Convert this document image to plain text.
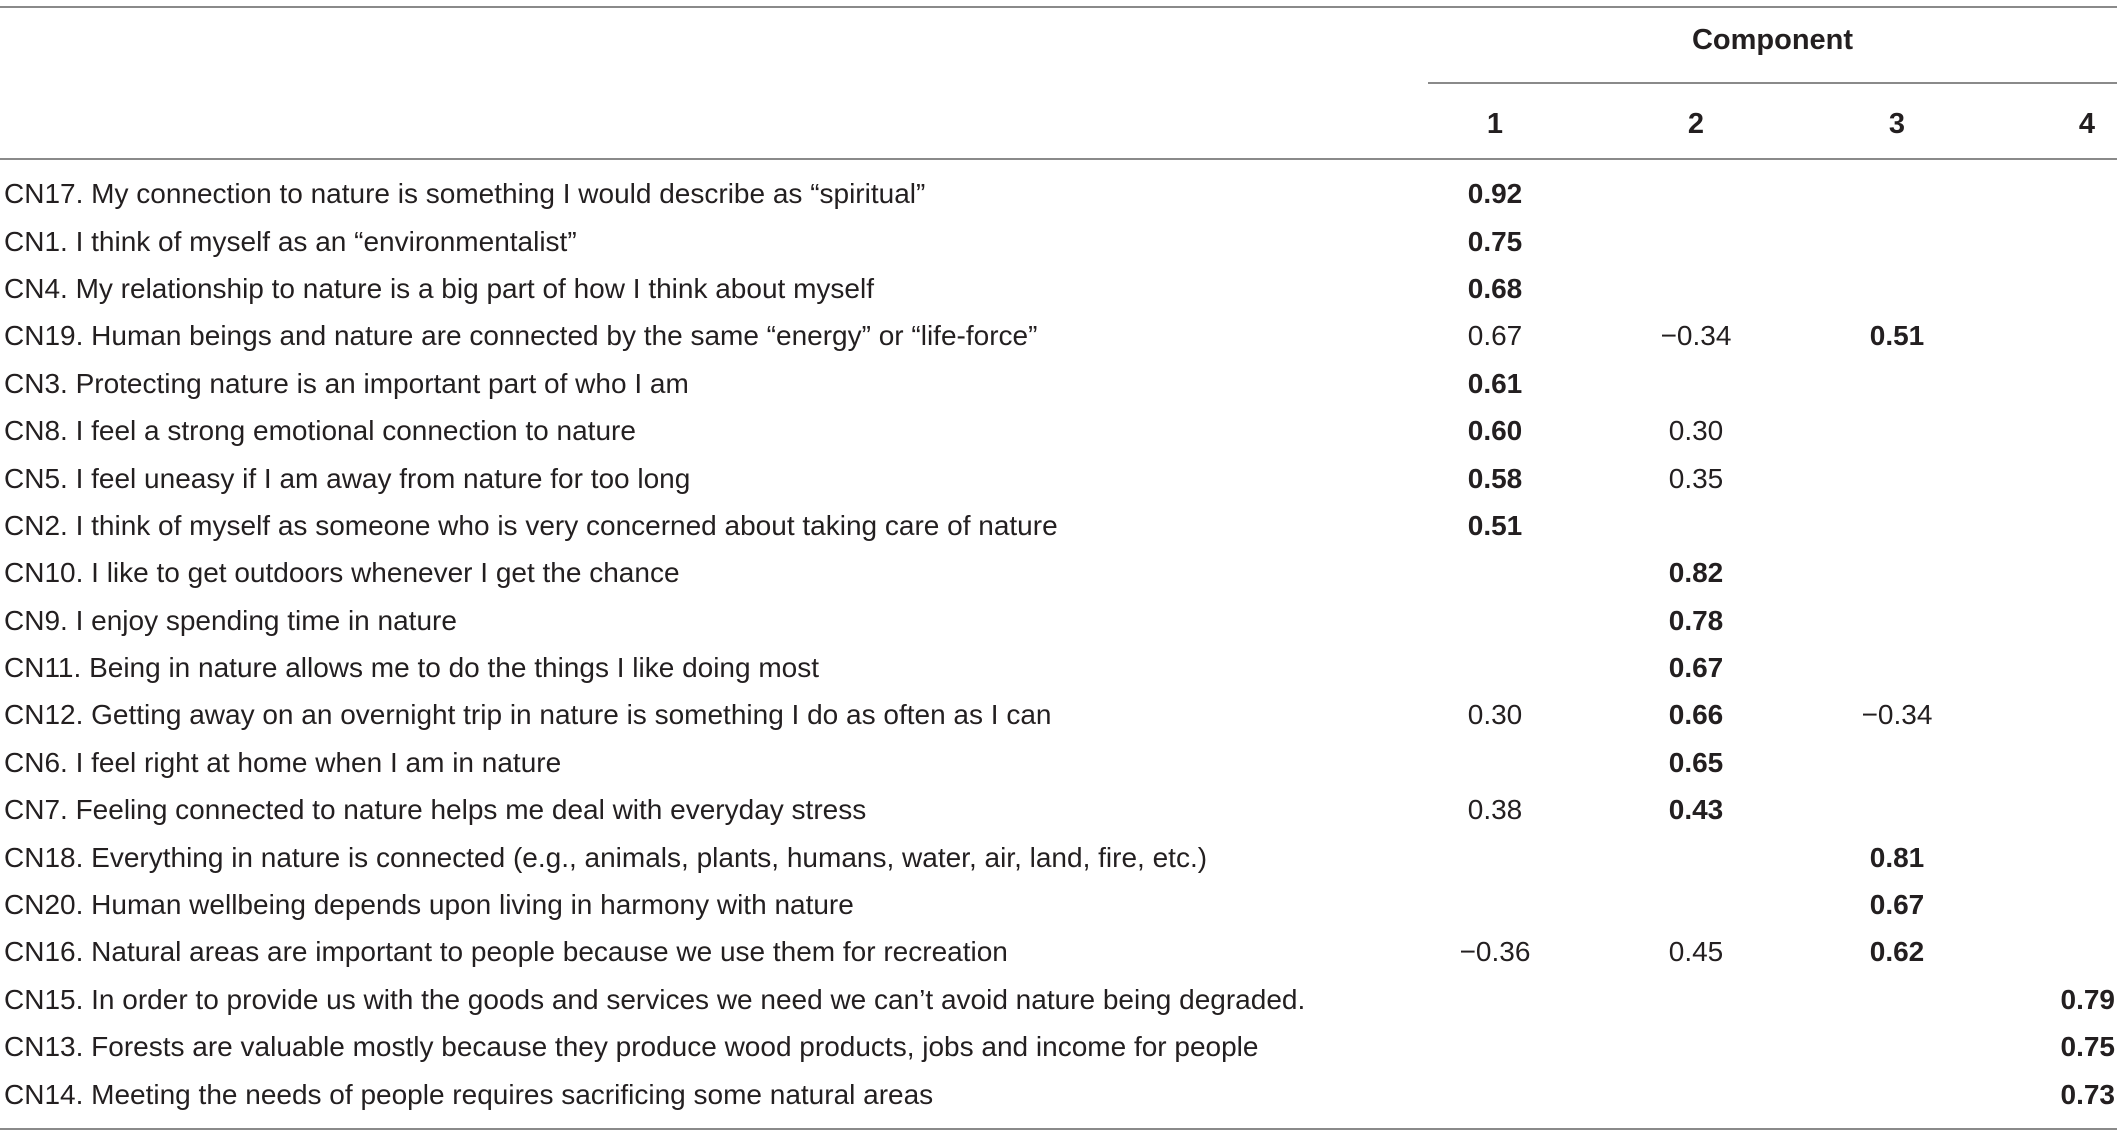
Component
1	2	3	4
CN17. My connection to nature is something I would describe as “spiritual”	0.92						
CN1. I think of myself as an “environmentalist”	0.75						
CN4. My relationship to nature is a big part of how I think about myself	0.68						
CN19. Human beings and nature are connected by the same “energy” or “life-force”	0.67		−0.34		0.51		
CN3. Protecting nature is an important part of who I am	0.61						
CN8. I feel a strong emotional connection to nature	0.60		0.30				
CN5. I feel uneasy if I am away from nature for too long	0.58		0.35				
CN2. I think of myself as someone who is very concerned about taking care of nature	0.51						
CN10. I like to get outdoors whenever I get the chance			0.82				
CN9. I enjoy spending time in nature			0.78				
CN11. Being in nature allows me to do the things I like doing most			0.67				
CN12. Getting away on an overnight trip in nature is something I do as often as I can	0.30		0.66		−0.34		
CN6. I feel right at home when I am in nature			0.65				
CN7. Feeling connected to nature helps me deal with everyday stress	0.38		0.43				
CN18. Everything in nature is connected (e.g., animals, plants, humans, water, air, land, fire, etc.)					0.81		
CN20. Human wellbeing depends upon living in harmony with nature					0.67		
CN16. Natural areas are important to people because we use them for recreation	−0.36		0.45		0.62		
CN15. In order to provide us with the goods and services we need we can’t avoid nature being degraded.							0.79
CN13. Forests are valuable mostly because they produce wood products, jobs and income for people							0.75
CN14. Meeting the needs of people requires sacrificing some natural areas							0.73
